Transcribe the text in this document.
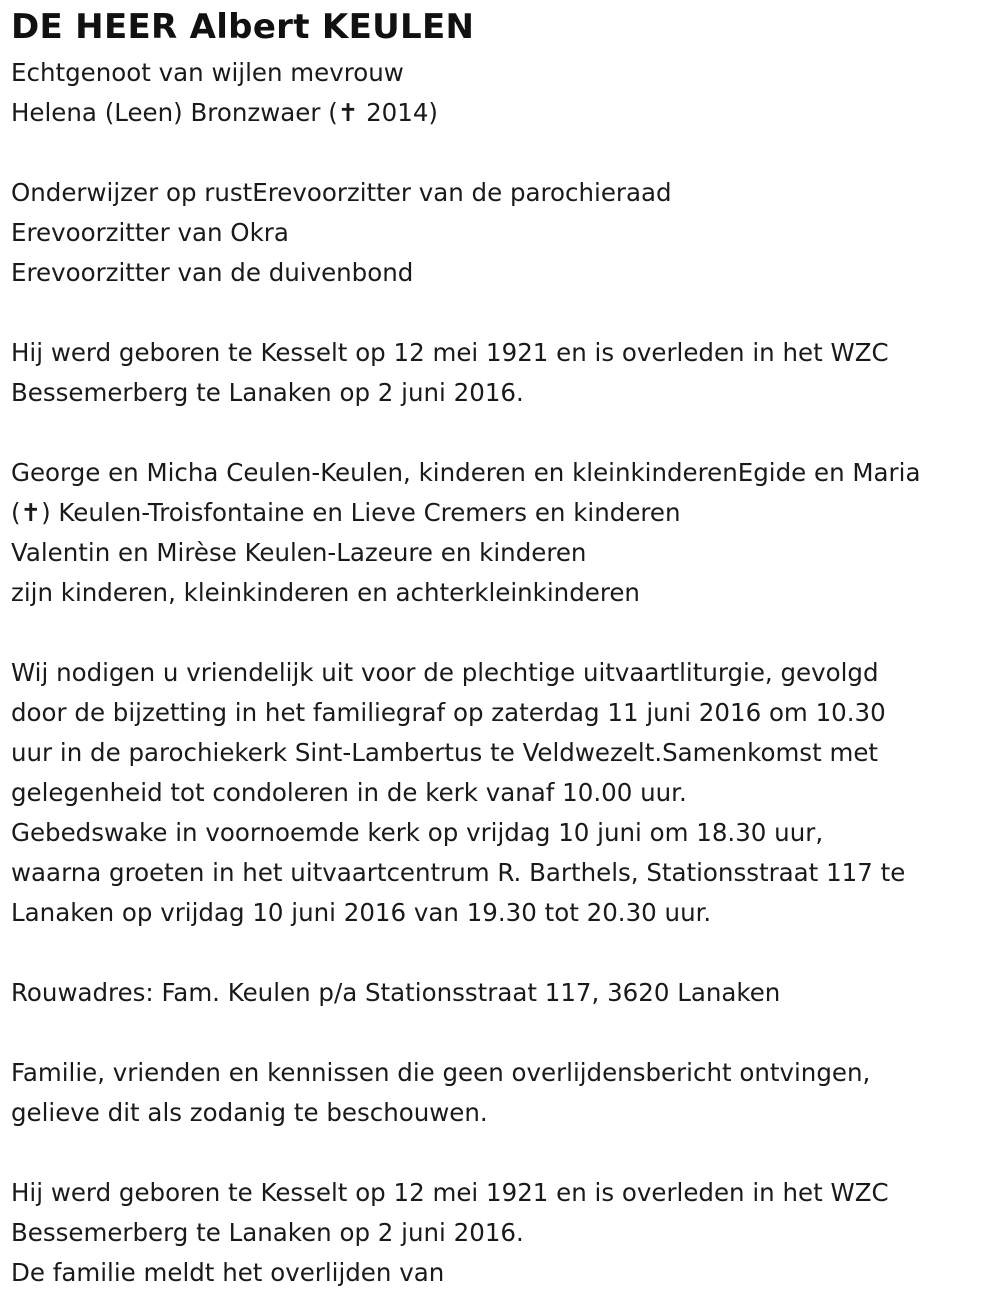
DE HEER Albert KEULEN
Echtgenoot van wijlen mevrouw
Helena (Leen) Bronzwaer (✝ 2014)
Onderwijzer op rustErevoorzitter van de parochieraad
Erevoorzitter van Okra
Erevoorzitter van de duivenbond
Hij werd geboren te Kesselt op 12 mei 1921 en is overleden in het WZC
Bessemerberg te Lanaken op 2 juni 2016.
George en Micha Ceulen-Keulen, kinderen en kleinkinderenEgide en Maria
(✝) Keulen-Troisfontaine en Lieve Cremers en kinderen
Valentin en Mirèse Keulen-Lazeure en kinderen
zijn kinderen, kleinkinderen en achterkleinkinderen
Wij nodigen u vriendelijk uit voor de plechtige uitvaartliturgie, gevolgd
door de bijzetting in het familiegraf op zaterdag 11 juni 2016 om 10.30
uur in de parochiekerk Sint-Lambertus te Veldwezelt.Samenkomst met
gelegenheid tot condoleren in de kerk vanaf 10.00 uur.
Gebedswake in voornoemde kerk op vrijdag 10 juni om 18.30 uur,
waarna groeten in het uitvaartcentrum R. Barthels, Stationsstraat 117 te
Lanaken op vrijdag 10 juni 2016 van 19.30 tot 20.30 uur.
Rouwadres: Fam. Keulen p/a Stationsstraat 117, 3620 Lanaken
Familie, vrienden en kennissen die geen overlijdensbericht ontvingen,
gelieve dit als zodanig te beschouwen.
Hij werd geboren te Kesselt op 12 mei 1921 en is overleden in het WZC
Bessemerberg te Lanaken op 2 juni 2016.
De familie meldt het overlijden van
